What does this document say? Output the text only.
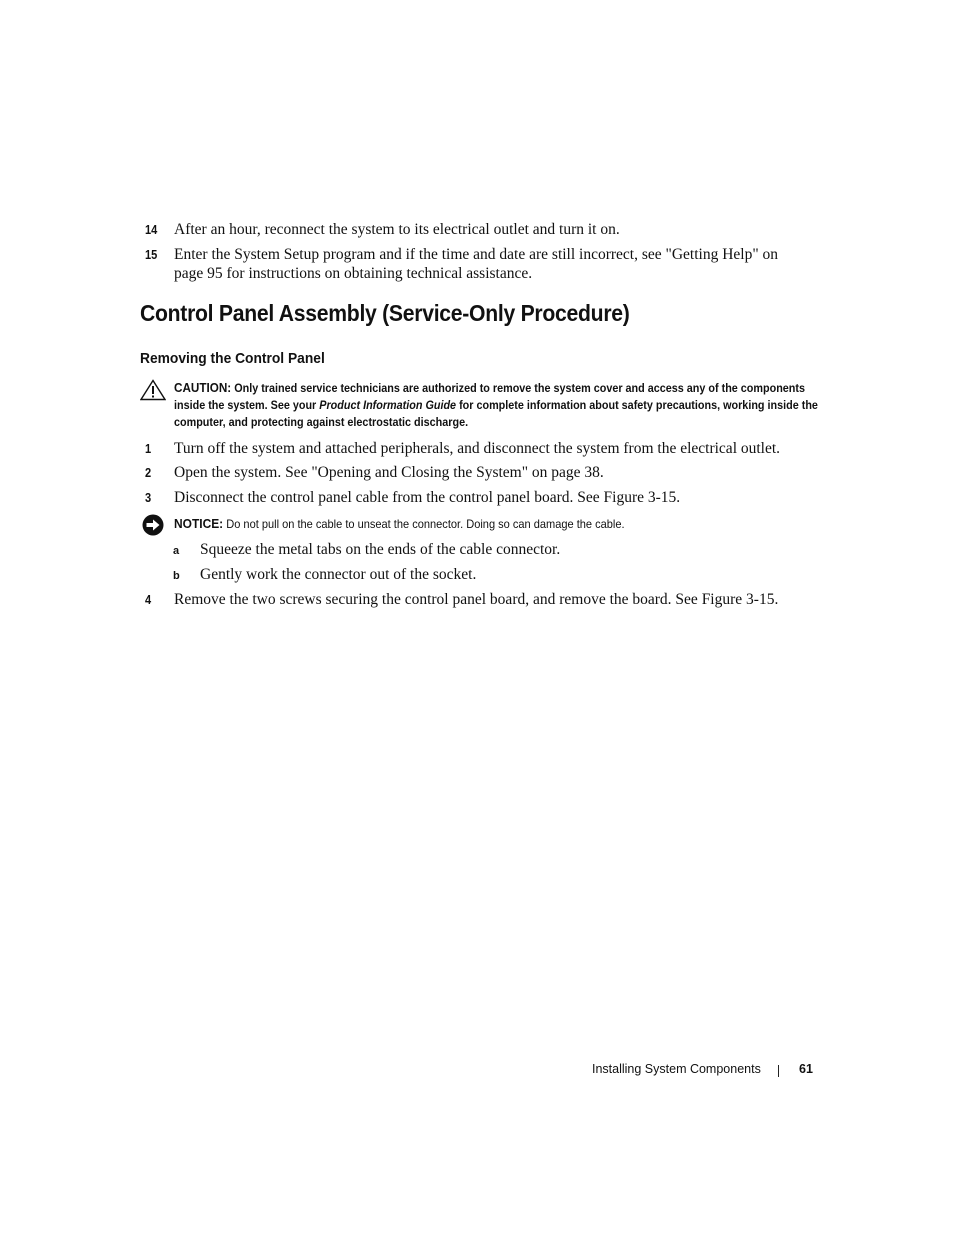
14 After an hour, reconnect the system to its electrical outlet and turn it on.
15 Enter the System Setup program and if the time and date are still incorrect, see "Getting Help" on page 95 for instructions on obtaining technical assistance.
Control Panel Assembly (Service-Only Procedure)
Removing the Control Panel
CAUTION: Only trained service technicians are authorized to remove the system cover and access any of the components inside the system. See your Product Information Guide for complete information about safety precautions, working inside the computer, and protecting against electrostatic discharge.
1 Turn off the system and attached peripherals, and disconnect the system from the electrical outlet.
2 Open the system. See "Opening and Closing the System" on page 38.
3 Disconnect the control panel cable from the control panel board. See Figure 3-15.
NOTICE: Do not pull on the cable to unseat the connector. Doing so can damage the cable.
a Squeeze the metal tabs on the ends of the cable connector.
b Gently work the connector out of the socket.
4 Remove the two screws securing the control panel board, and remove the board. See Figure 3-15.
Installing System Components	61
